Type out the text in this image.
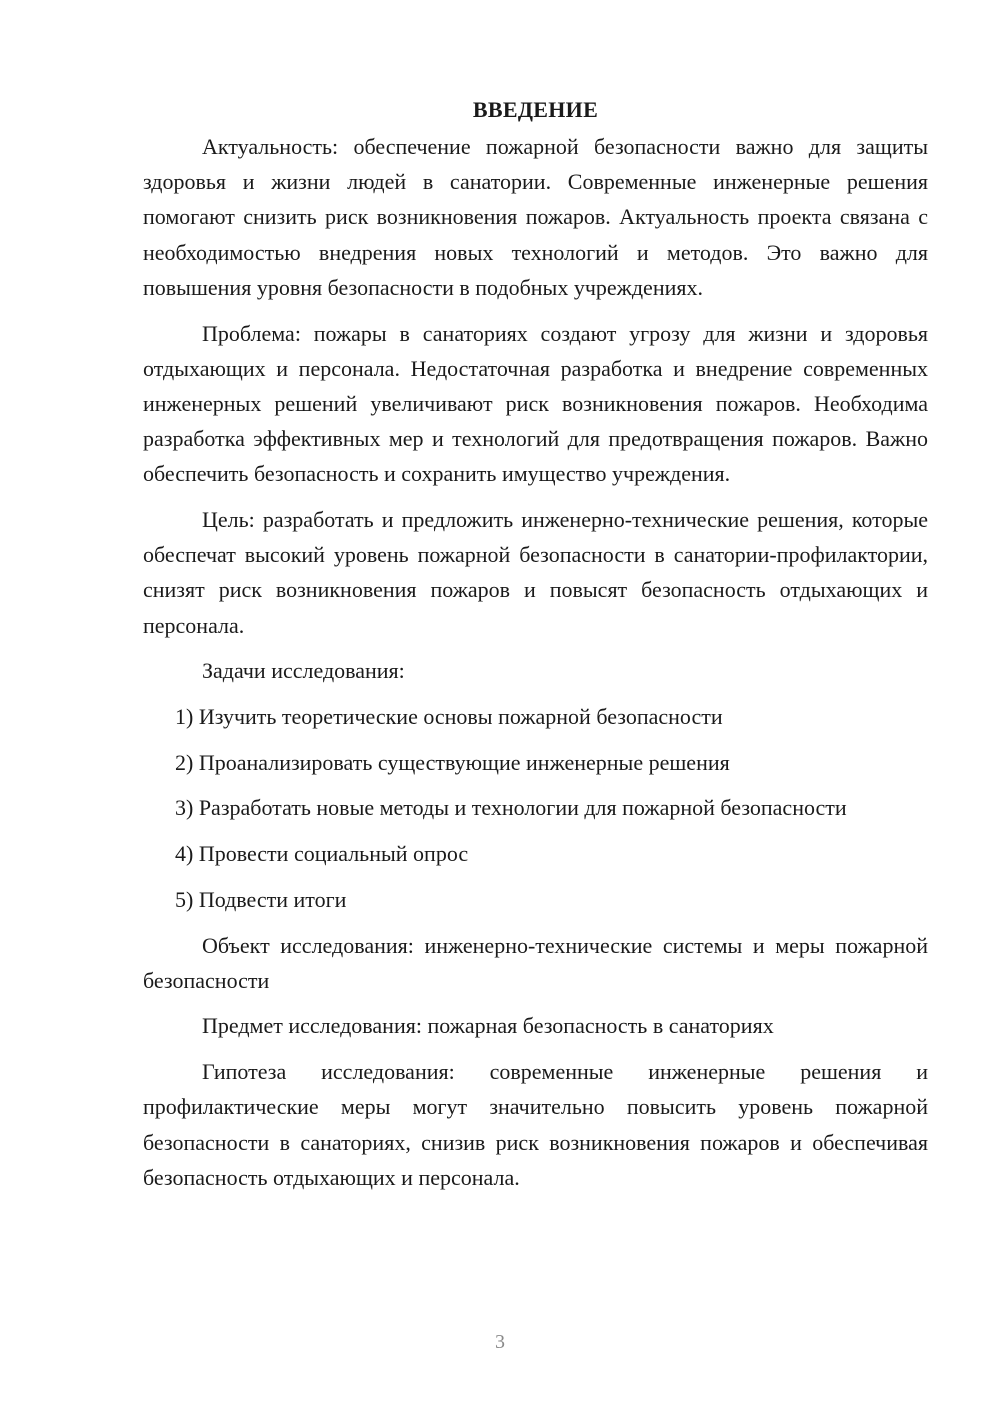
ВВЕДЕНИЕ

Актуальность: обеспечение пожарной безопасности важно для защиты здоровья и жизни людей в санатории. Современные инженерные решения помогают снизить риск возникновения пожаров. Актуальность проекта связана с необходимостью внедрения новых технологий и методов. Это важно для повышения уровня безопасности в подобных учреждениях.

Проблема: пожары в санаториях создают угрозу для жизни и здоровья отдыхающих и персонала. Недостаточная разработка и внедрение современных инженерных решений увеличивают риск возникновения пожаров. Необходима разработка эффективных мер и технологий для предотвращения пожаров. Важно обеспечить безопасность и сохранить имущество учреждения.

Цель: разработать и предложить инженерно-технические решения, которые обеспечат высокий уровень пожарной безопасности в санатории-профилактории, снизят риск возникновения пожаров и повысят безопасность отдыхающих и персонала.

Задачи исследования:

1) Изучить теоретические основы пожарной безопасности

2) Проанализировать существующие инженерные решения

3) Разработать новые методы и технологии для пожарной безопасности

4) Провести социальный опрос

5) Подвести итоги

Объект исследования: инженерно-технические системы и меры пожарной безопасности

Предмет исследования: пожарная безопасность в санаториях

Гипотеза исследования: современные инженерные решения и профилактические меры могут значительно повысить уровень пожарной безопасности в санаториях, снизив риск возникновения пожаров и обеспечивая безопасность отдыхающих и персонала.

3
